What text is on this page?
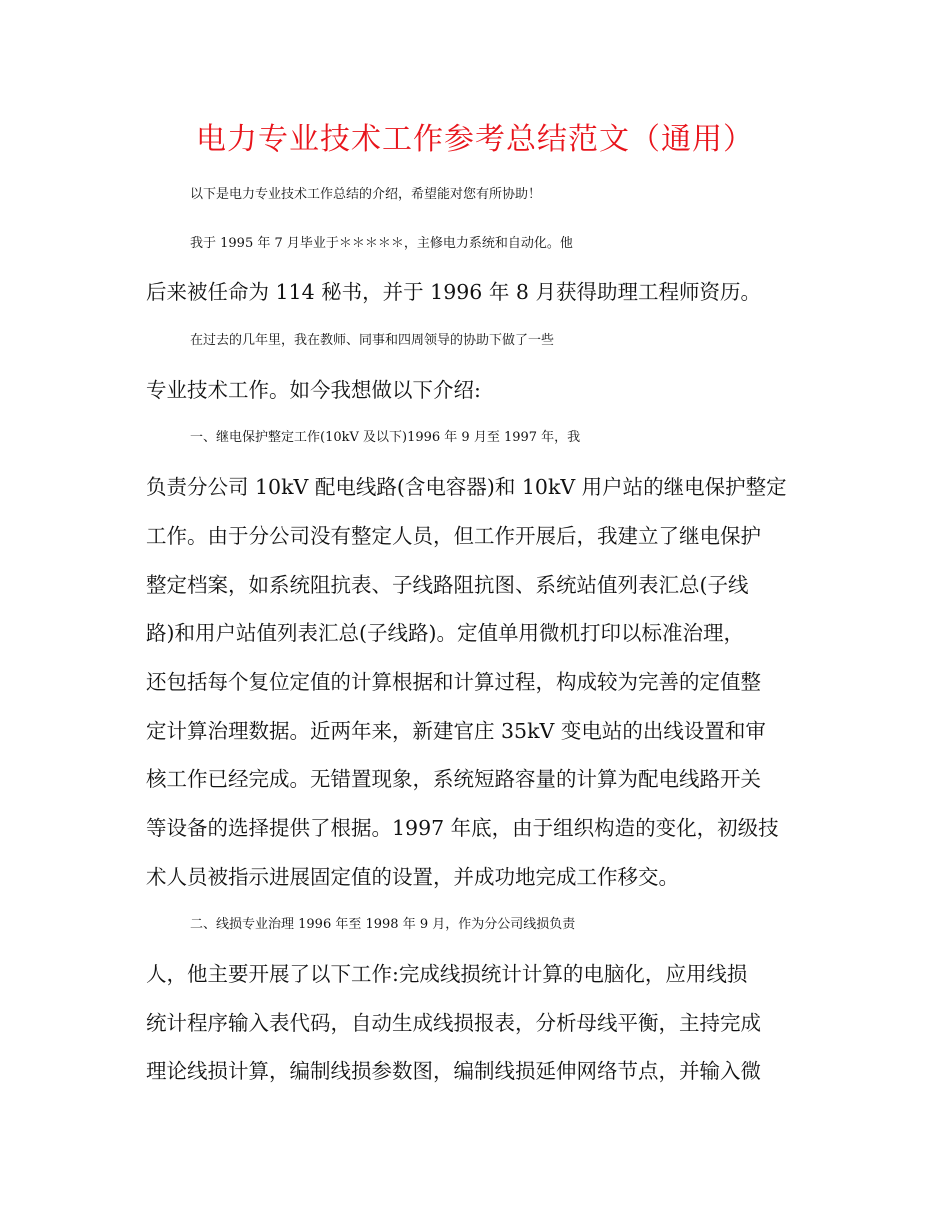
电力专业技术工作参考总结范文（通用）

以下是电力专业技术工作总结的介绍，希望能对您有所协助！

我于 1995 年 7 月毕业于＊＊＊＊＊，主修电力系统和自动化。他
后来被任命为 114 秘书，并于 1996 年 8 月获得助理工程师资历。

在过去的几年里，我在教师、同事和四周领导的协助下做了一些
专业技术工作。如今我想做以下介绍:

一、继电保护整定工作(10kV 及以下)1996 年 9 月至 1997 年，我
负责分公司 10kV 配电线路(含电容器)和 10kV 用户站的继电保护整定
工作。由于分公司没有整定人员，但工作开展后，我建立了继电保护
整定档案，如系统阻抗表、子线路阻抗图、系统站值列表汇总(子线
路)和用户站值列表汇总(子线路)。定值单用微机打印以标准治理，
还包括每个复位定值的计算根据和计算过程，构成较为完善的定值整
定计算治理数据。近两年来，新建官庄 35kV 变电站的出线设置和审
核工作已经完成。无错置现象，系统短路容量的计算为配电线路开关
等设备的选择提供了根据。1997 年底，由于组织构造的变化，初级技
术人员被指示进展固定值的设置，并成功地完成工作移交。

二、线损专业治理 1996 年至 1998 年 9 月，作为分公司线损负责
人，他主要开展了以下工作:完成线损统计计算的电脑化，应用线损
统计程序输入表代码，自动生成线损报表，分析母线平衡，主持完成
理论线损计算，编制线损参数图，编制线损延伸网络节点，并输入微
